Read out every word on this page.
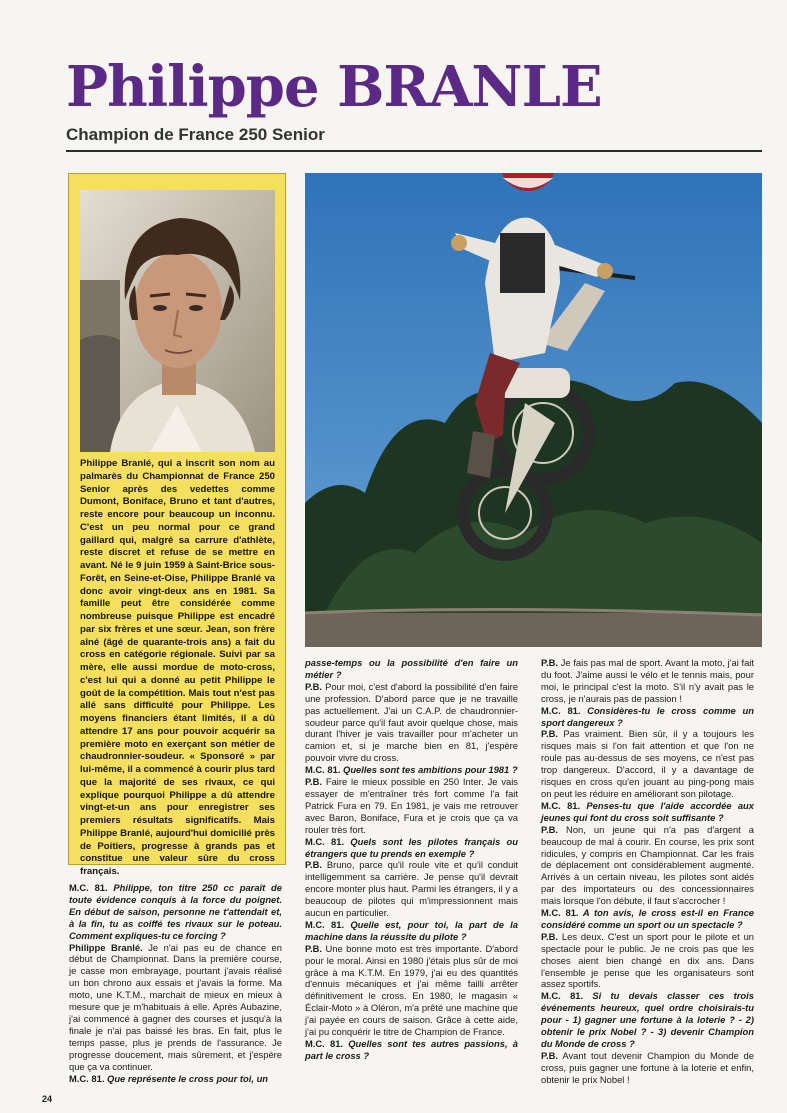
Philippe BRANLE
Champion de France 250 Senior

Philippe Branlé, qui a inscrit son nom au palmarès du Championnat de France 250 Senior après des vedettes comme Dumont, Boniface, Bruno et tant d'autres, reste encore pour beaucoup un inconnu. C'est un peu normal pour ce grand gaillard qui, malgré sa carrure d'athlète, reste discret et refuse de se mettre en avant. Né le 9 juin 1959 à Saint-Brice sous-Forêt, en Seine-et-Oise, Philippe Branlé va donc avoir vingt-deux ans en 1981. Sa famille peut être considérée comme nombreuse puisque Philippe est encadré par six frères et une sœur. Jean, son frère aîné (âgé de quarante-trois ans) a fait du cross en catégorie régionale. Suivi par sa mère, elle aussi mordue de moto-cross, c'est lui qui a donné au petit Philippe le goût de la compétition. Mais tout n'est pas allé sans difficulté pour Philippe. Les moyens financiers étant limités, il a dû attendre 17 ans pour pouvoir acquérir sa première moto en exerçant son métier de chaudronnier-soudeur. « Sponsoré » par lui-même, il a commencé à courir plus tard que la majorité de ses rivaux, ce qui explique pourquoi Philippe a dû attendre vingt-et-un ans pour enregistrer ses premiers résultats significatifs. Mais Philippe Branlé, aujourd'hui domicilié près de Poitiers, progresse à grands pas et constitue une valeur sûre du cross français.

M.C. 81. Philippe, ton titre 250 cc paraît de toute évidence conquis à la force du poignet. En début de saison, personne ne t'attendait et, à la fin, tu as coiffé tes rivaux sur le poteau. Comment expliques-tu ce forcing ?

Philippe Branlé. Je n'ai pas eu de chance en début de Championnat. Dans la première course, je casse mon embrayage, pourtant j'avais réalisé un bon chrono aux essais et j'avais la forme. Ma moto, une K.T.M., marchait de mieux en mieux à mesure que je m'habituais à elle. Après Aubazine, j'ai commencé à gagner des courses et jusqu'à la finale je n'ai pas baissé les bras. En fait, plus le temps passe, plus je prends de l'assurance. Je progresse doucement, mais sûrement, et j'espère que ça va continuer.

M.C. 81. Que représente le cross pour toi, un

passe-temps ou la possibilité d'en faire un métier ?

P.B. Pour moi, c'est d'abord la possibilité d'en faire une profession. D'abord parce que je ne travaille pas actuellement. J'ai un C.A.P. de chaudronnier-soudeur parce qu'il faut avoir quelque chose, mais durant l'hiver je vais travailler pour m'acheter un camion et, si je marche bien en 81, j'espère pouvoir vivre du cross.

M.C. 81. Quelles sont tes ambitions pour 1981 ?

P.B. Faire le mieux possible en 250 Inter. Je vais essayer de m'entraîner très fort comme l'a fait Patrick Fura en 79. En 1981, je vais me retrouver avec Baron, Boniface, Fura et je crois que ça va rouler très fort.

M.C. 81. Quels sont les pilotes français ou étrangers que tu prends en exemple ?

P.B. Bruno, parce qu'il roule vite et qu'il conduit intelligemment sa carrière. Je pense qu'il devrait encore monter plus haut. Parmi les étrangers, il y a beaucoup de pilotes qui m'impressionnent mais aucun en particulier.

M.C. 81. Quelle est, pour toi, la part de la machine dans la réussite du pilote ?

P.B. Une bonne moto est très importante. D'abord pour le moral. Ainsi en 1980 j'étais plus sûr de moi grâce à ma K.T.M. En 1979, j'ai eu des quantités d'ennuis mécaniques et j'ai même failli arrêter définitivement le cross. En 1980, le magasin « Éclair-Moto » à Oléron, m'a prêté une machine que j'ai payée en cours de saison. Grâce à cette aide, j'ai pu conquérir le titre de Champion de France.

M.C. 81. Quelles sont tes autres passions, à part le cross ?

P.B. Je fais pas mal de sport. Avant la moto, j'ai fait du foot. J'aime aussi le vélo et le tennis mais, pour moi, le principal c'est la moto. S'il n'y avait pas le cross, je n'aurais pas de passion !

M.C. 81. Considères-tu le cross comme un sport dangereux ?

P.B. Pas vraiment. Bien sûr, il y a toujours les risques mais si l'on fait attention et que l'on ne roule pas au-dessus de ses moyens, ce n'est pas trop dangereux. D'accord, il y a davantage de risques en cross qu'en jouant au ping-pong mais on peut les réduire en améliorant son pilotage.

M.C. 81. Penses-tu que l'aide accordée aux jeunes qui font du cross soit suffisante ?

P.B. Non, un jeune qui n'a pas d'argent a beaucoup de mal à courir. En course, les prix sont ridicules, y compris en Championnat. Car les frais de déplacement ont considérablement augmenté. Arrivés à un certain niveau, les pilotes sont aidés par des importateurs ou des concessionnaires mais lorsque l'on débute, il faut s'accrocher !

M.C. 81. A ton avis, le cross est-il en France considéré comme un sport ou un spectacle ?

P.B. Les deux. C'est un sport pour le pilote et un spectacle pour le public. Je ne crois pas que les choses aient bien changé en dix ans. Dans l'ensemble je pense que les organisateurs sont assez sportifs.

M.C. 81. Si tu devais classer ces trois événements heureux, quel ordre choisirais-tu pour - 1) gagner une fortune à la loterie ? - 2) obtenir le prix Nobel ? - 3) devenir Champion du Monde de cross ?

P.B. Avant tout devenir Champion du Monde de cross, puis gagner une fortune à la loterie et enfin, obtenir le prix Nobel !

24
